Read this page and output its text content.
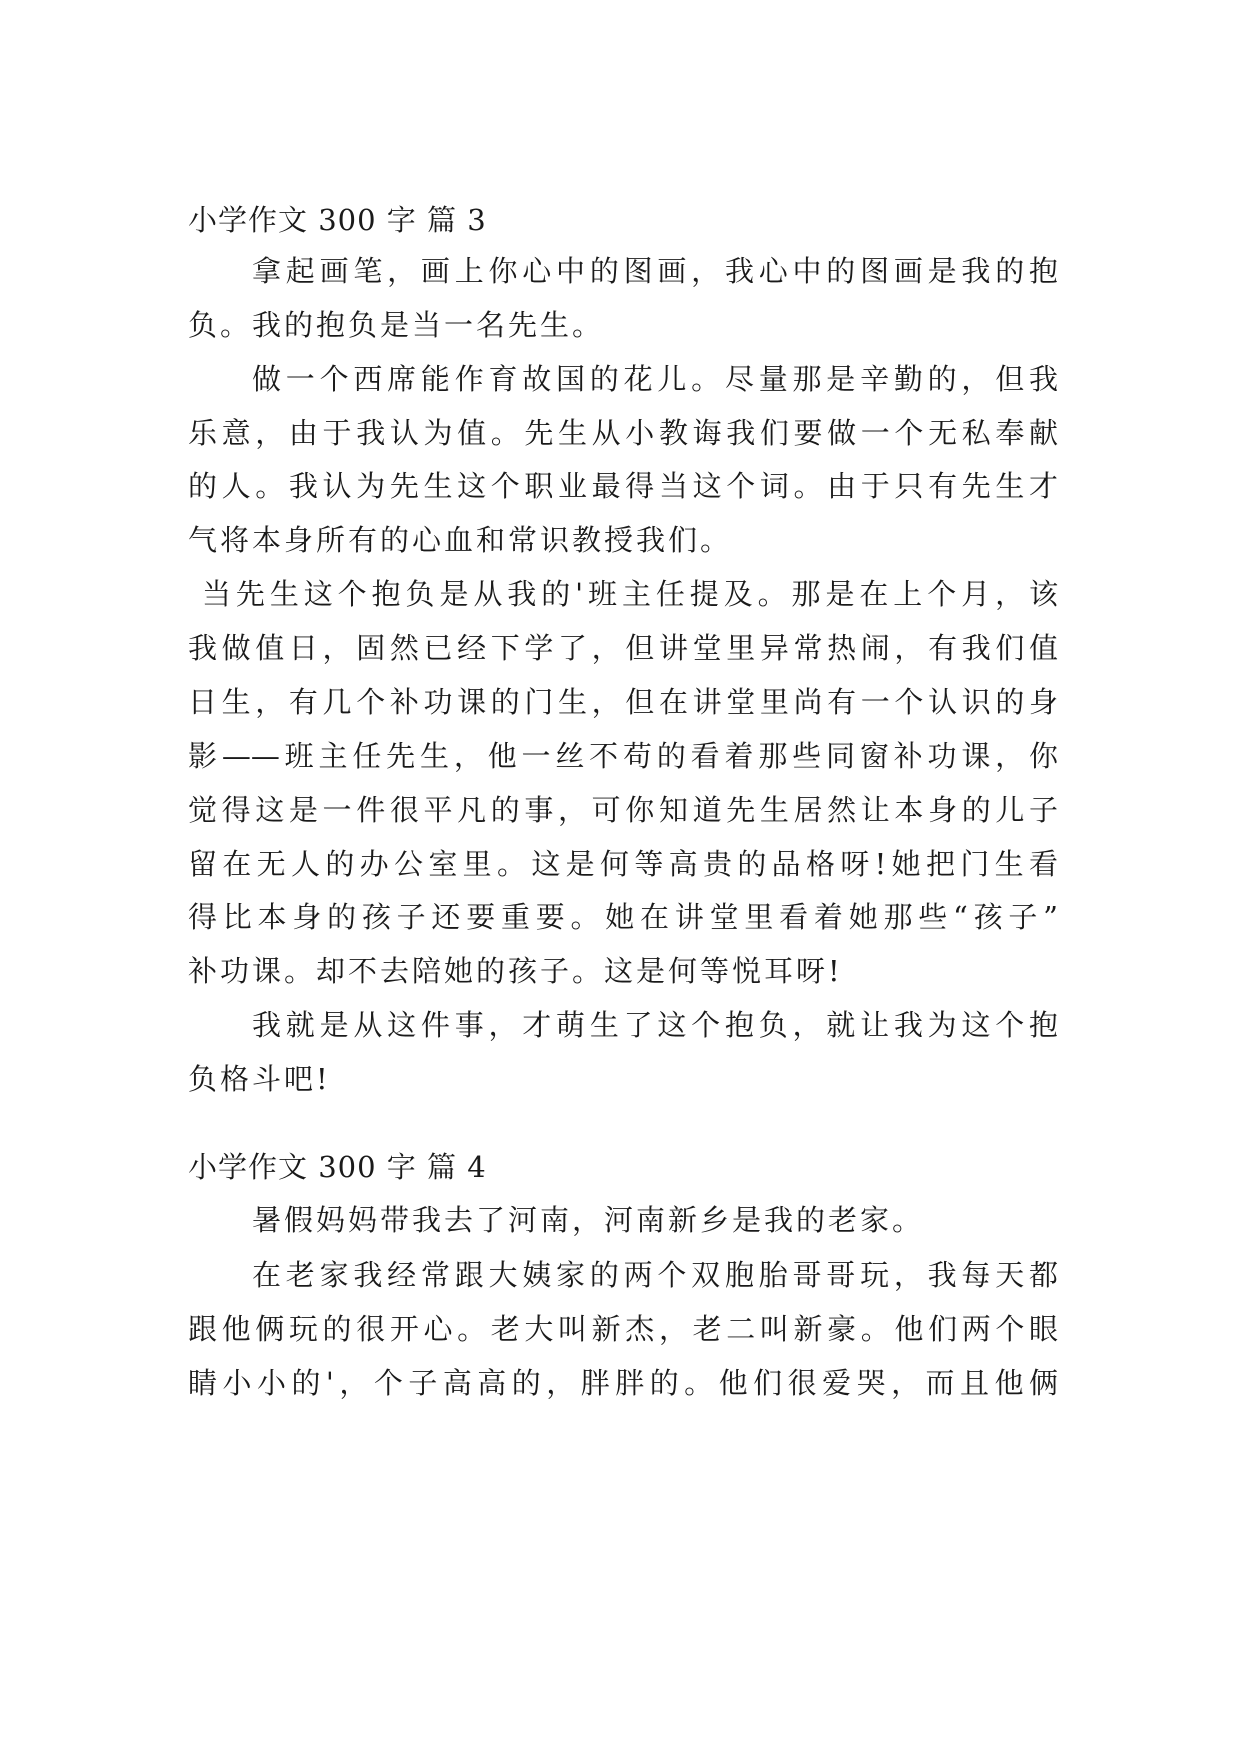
小学作文 300 字 篇 3
拿起画笔，画上你心中的图画，我心中的图画是我的抱
负。我的抱负是当一名先生。
做一个西席能作育故国的花儿。尽量那是辛勤的，但我
乐意，由于我认为值。先生从小教诲我们要做一个无私奉献
的人。我认为先生这个职业最得当这个词。由于只有先生才
气将本身所有的心血和常识教授我们。
当先生这个抱负是从我的'班主任提及。那是在上个月，该
我做值日，固然已经下学了，但讲堂里异常热闹，有我们值
日生，有几个补功课的门生，但在讲堂里尚有一个认识的身
影——班主任先生，他一丝不苟的看着那些同窗补功课，你
觉得这是一件很平凡的事，可你知道先生居然让本身的儿子
留在无人的办公室里。这是何等高贵的品格呀!她把门生看
得比本身的孩子还要重要。她在讲堂里看着她那些“孩子”
补功课。却不去陪她的孩子。这是何等悦耳呀!
我就是从这件事，才萌生了这个抱负，就让我为这个抱
负格斗吧!
小学作文 300 字 篇 4
暑假妈妈带我去了河南，河南新乡是我的老家。
在老家我经常跟大姨家的两个双胞胎哥哥玩，我每天都
跟他俩玩的很开心。老大叫新杰，老二叫新豪。他们两个眼
睛小小的'，个子高高的，胖胖的。他们很爱哭，而且他俩
